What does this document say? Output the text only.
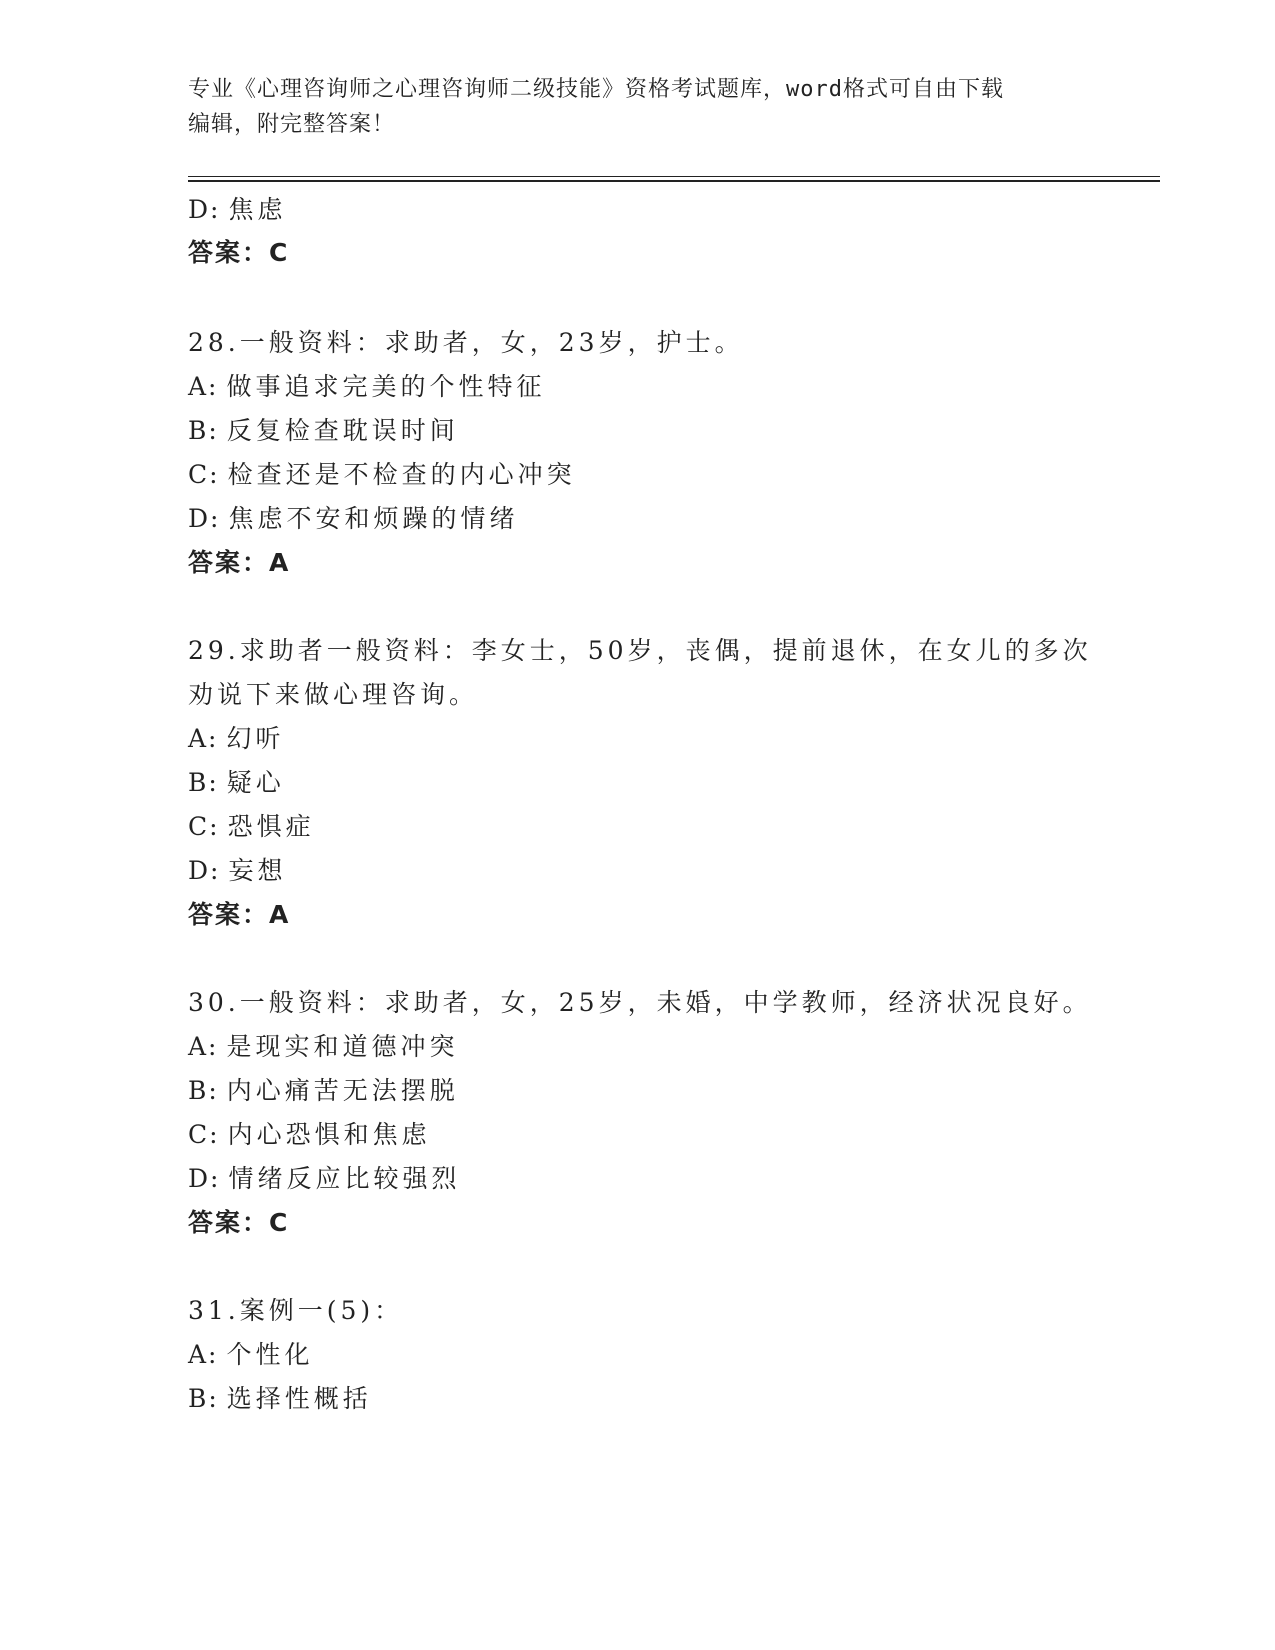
专业《心理咨询师之心理咨询师二级技能》资格考试题库，word格式可自由下载
编辑，附完整答案！
D: 焦虑
答案：C
28.一般资料：求助者，女，23岁，护士。
A: 做事追求完美的个性特征
B: 反复检查耽误时间
C: 检查还是不检查的内心冲突
D: 焦虑不安和烦躁的情绪
答案：A
29.求助者一般资料：李女士，50岁，丧偶，提前退休，在女儿的多次
劝说下来做心理咨询。
A: 幻听
B: 疑心
C: 恐惧症
D: 妄想
答案：A
30.一般资料：求助者，女，25岁，未婚，中学教师，经济状况良好。
A: 是现实和道德冲突
B: 内心痛苦无法摆脱
C: 内心恐惧和焦虑
D: 情绪反应比较强烈
答案：C
31.案例一(5)：
A: 个性化
B: 选择性概括
